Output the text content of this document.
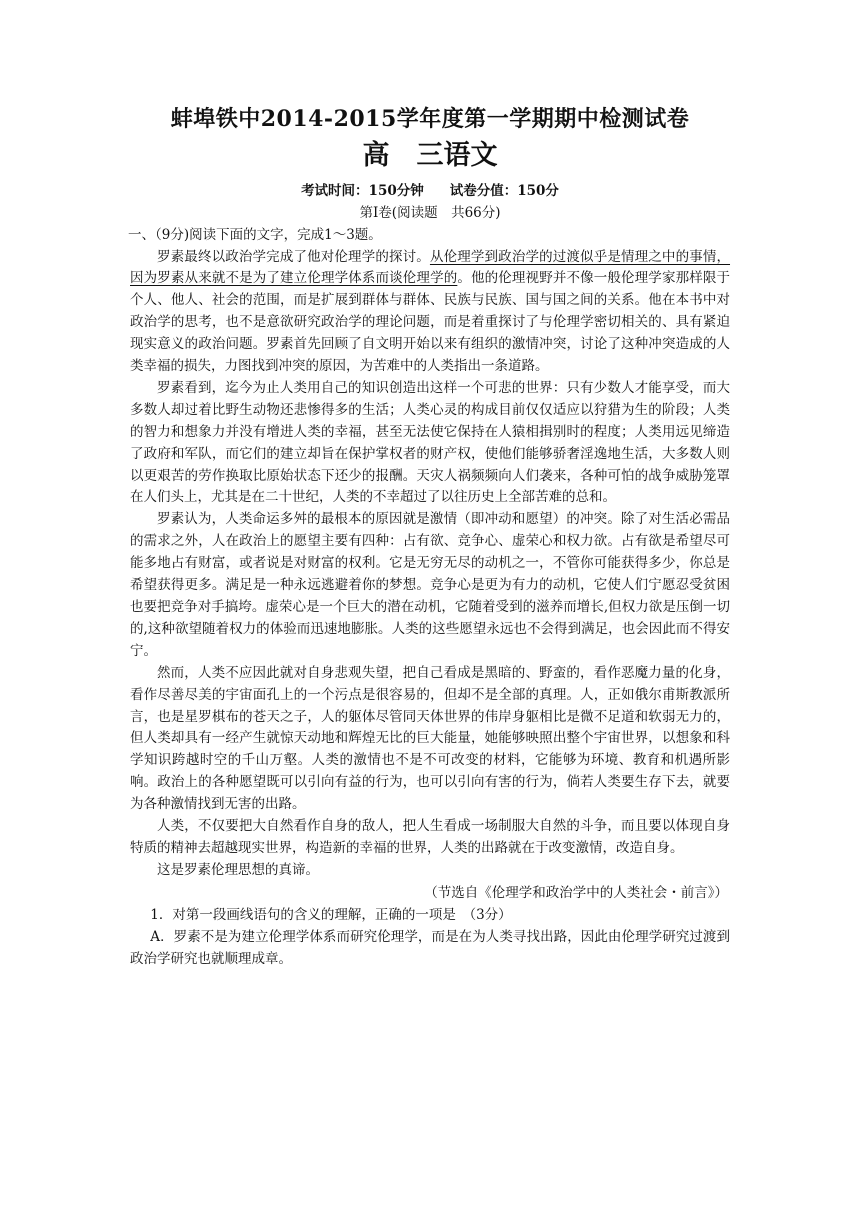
蚌埠铁中2014-2015学年度第一学期期中检测试卷
高　三语文
考试时间：150分钟 试卷分值：150分
第Ⅰ卷(阅读题　共66分)
一、（9分)阅读下面的文字，完成1～3题。

罗素最终以政治学完成了他对伦理学的探讨。从伦理学到政治学的过渡似乎是情理之中的事情，因为罗素从来就不是为了建立伦理学体系而谈伦理学的。他的伦理视野并不像一般伦理学家那样限于个人、他人、社会的范围，而是扩展到群体与群体、民族与民族、国与国之间的关系。他在本书中对政治学的思考，也不是意欲研究政治学的理论问题，而是着重探讨了与伦理学密切相关的、具有紧迫现实意义的政治问题。罗素首先回顾了自文明开始以来有组织的激情冲突，讨论了这种冲突造成的人类幸福的损失，力图找到冲突的原因，为苦难中的人类指出一条道路。

罗素看到，迄今为止人类用自己的知识创造出这样一个可悲的世界：只有少数人才能享受，而大多数人却过着比野生动物还悲惨得多的生活；人类心灵的构成目前仅仅适应以狩猎为生的阶段；人类的智力和想象力并没有增进人类的幸福，甚至无法使它保持在人猿相揖别时的程度；人类用远见缔造了政府和军队，而它们的建立却旨在保护掌权者的财产权，使他们能够骄奢淫逸地生活，大多数人则以更艰苦的劳作换取比原始状态下还少的报酬。天灾人祸频频向人们袭来，各种可怕的战争威胁笼罩在人们头上，尤其是在二十世纪，人类的不幸超过了以往历史上全部苦难的总和。

罗素认为，人类命运多舛的最根本的原因就是激情（即冲动和愿望）的冲突。除了对生活必需品的需求之外，人在政治上的愿望主要有四种：占有欲、竞争心、虚荣心和权力欲。占有欲是希望尽可能多地占有财富，或者说是对财富的权利。它是无穷无尽的动机之一，不管你可能获得多少，你总是希望获得更多。满足是一种永远逃避着你的梦想。竞争心是更为有力的动机，它使人们宁愿忍受贫困也要把竞争对手搞垮。虚荣心是一个巨大的潜在动机，它随着受到的滋养而增长,但权力欲是压倒一切的,这种欲望随着权力的体验而迅速地膨胀。人类的这些愿望永远也不会得到满足，也会因此而不得安宁。

然而，人类不应因此就对自身悲观失望，把自己看成是黑暗的、野蛮的，看作恶魔力量的化身，看作尽善尽美的宇宙面孔上的一个污点是很容易的，但却不是全部的真理。人，正如俄尔甫斯教派所言，也是星罗棋布的苍天之子，人的躯体尽管同天体世界的伟岸身躯相比是微不足道和软弱无力的，但人类却具有一经产生就惊天动地和辉煌无比的巨大能量，她能够映照出整个宇宙世界，以想象和科学知识跨越时空的千山万壑。人类的激情也不是不可改变的材料，它能够为环境、教育和机遇所影响。政治上的各种愿望既可以引向有益的行为，也可以引向有害的行为，倘若人类要生存下去，就要为各种激情找到无害的出路。

人类，不仅要把大自然看作自身的敌人，把人生看成一场制服大自然的斗争，而且要以体现自身特质的精神去超越现实世界，构造新的幸福的世界，人类的出路就在于改变激情，改造自身。

这是罗素伦理思想的真谛。

（节选自《伦理学和政治学中的人类社会・前言》）

1．对第一段画线语句的含义的理解，正确的一项是　（3分）

A．罗素不是为建立伦理学体系而研究伦理学，而是在为人类寻找出路，因此由伦理学研究过渡到政治学研究也就顺理成章。
